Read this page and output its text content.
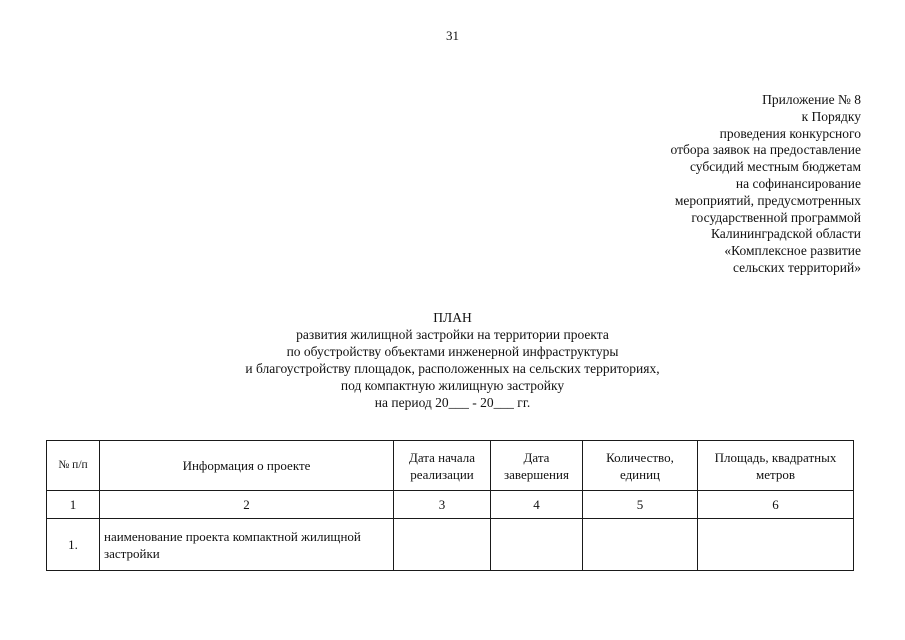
31
Приложение № 8
к Порядку
проведения конкурсного
отбора заявок на предоставление
субсидий местным бюджетам
на софинансирование
мероприятий, предусмотренных
государственной программой
Калининградской области
«Комплексное развитие
сельских территорий»
ПЛАН
развития жилищной застройки на территории проекта
по обустройству объектами инженерной инфраструктуры
и благоустройству площадок, расположенных на сельских территориях,
под компактную жилищную застройку
на период 20___ - 20___ гг.
№ п/п	Информация о проекте	Дата начала реализации	Дата завершения	Количество, единиц	Площадь, квадратных метров
1	2	3	4	5	6
1.	наименование проекта компактной жилищной застройки				
